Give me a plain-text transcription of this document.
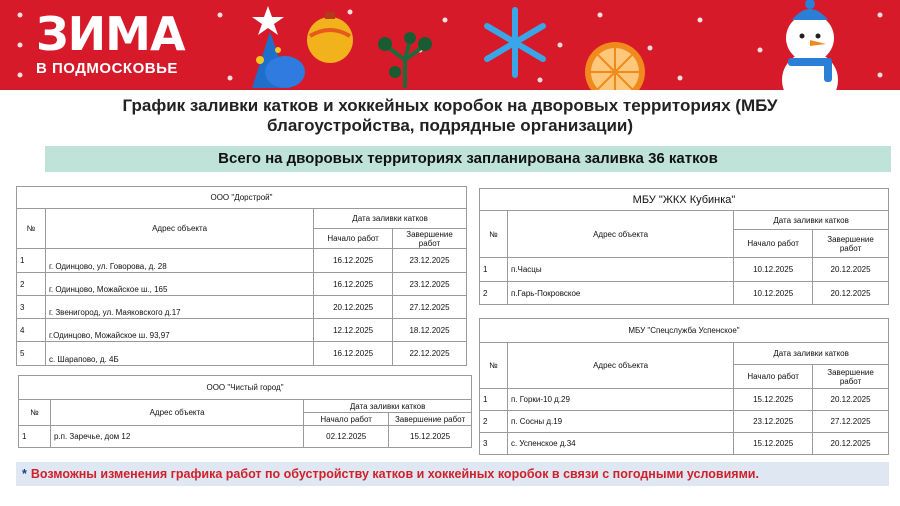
ЗИМА
В ПОДМОСКОВЬЕ
График заливки катков и хоккейных коробок на дворовых территориях (МБУ благоустройства, подрядные организации)
Всего на дворовых территориях запланирована заливка 36 катков
ООО "Дорстрой"			
№	Адрес объекта	Дата заливки катков	
		Начало работ	Завершение работ
1	г. Одинцово, ул. Говорова, д. 28	16.12.2025	23.12.2025
2	г. Одинцово, Можайское ш., 165	16.12.2025	23.12.2025
3	г. Звенигород, ул. Маяковского д.17	20.12.2025	27.12.2025
4	г.Одинцово, Можайское ш. 93,97	12.12.2025	18.12.2025
5	с. Шарапово, д. 4Б	16.12.2025	22.12.2025
ООО "Чистый город"			
№	Адрес объекта	Дата заливки катков	
		Начало работ	Завершение работ
1	р.п. Заречье, дом 12	02.12.2025	15.12.2025
МБУ "ЖКХ Кубинка"			
№	Адрес объекта	Дата заливки катков	
		Начало работ	Завершение работ
1	п.Часцы	10.12.2025	20.12.2025
2	п.Гарь-Покровское	10.12.2025	20.12.2025
МБУ "Спецслужба Успенское"			
№	Адрес объекта	Дата заливки катков	
		Начало работ	Завершение работ
1	п. Горки-10 д.29	15.12.2025	20.12.2025
2	п. Сосны д.19	23.12.2025	27.12.2025
3	с. Успенское д.34	15.12.2025	20.12.2025
* Возможны изменения графика работ по обустройству катков и хоккейных коробок в связи с погодными условиями.
